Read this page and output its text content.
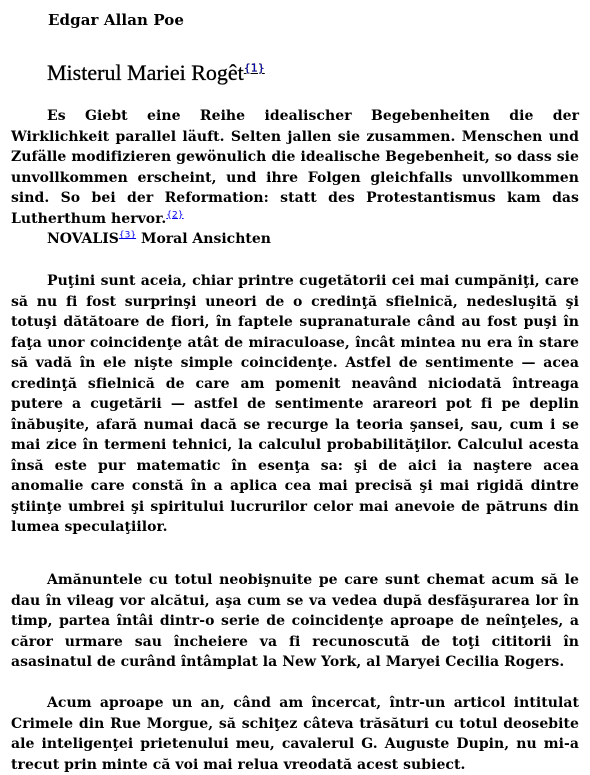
Edgar Allan Poe
Misterul Mariei Rogêt$^{\{1\}}$
Es Giebt eine Reihe idealischer Begebenheiten die der Wirklichkeit parallel läuft. Selten jallen sie zusammen. Menschen und Zufälle modifizieren gewönulich die idealische Begebenheit, so dass sie unvollkommen erscheint, und ihre Folgen gleichfalls unvollkommen sind. So bei der Reformation: statt des Protestantismus kam das Lutherthum hervor.$^{\{2\}}$
NOVALIS$^{\{3\}}$ Moral Ansichten
Puţini sunt aceia, chiar printre cugetătorii cei mai cumpăniţi, care să nu fi fost surprinşi uneori de o credinţă sfielnică, nedesluşită şi totuşi dătătoare de fiori, în faptele supranaturale când au fost puşi în faţa unor coincidenţe atât de miraculoase, încât mintea nu era în stare să vadă în ele nişte simple coincidenţe. Astfel de sentimente — acea credinţă sfielnică de care am pomenit neavând niciodată întreaga putere a cugetării — astfel de sentimente arareori pot fi pe deplin înăbuşite, afară numai dacă se recurge la teoria şansei, sau, cum i se mai zice în termeni tehnici, la calculul probabilităţilor. Calculul acesta însă este pur matematic în esenţa sa: şi de aici ia naştere acea anomalie care constă în a aplica cea mai precisă şi mai rigidă dintre ştiinţe umbrei şi spiritului lucrurilor celor mai anevoie de pătruns din lumea speculaţiilor.
Amănuntele cu totul neobişnuite pe care sunt chemat acum să le dau în vileag vor alcătui, aşa cum se va vedea după desfăşurarea lor în timp, partea întâi dintr-o serie de coincidenţe aproape de neînţeles, a căror urmare sau încheiere va fi recunoscută de toţi cititorii în asasinatul de curând întâmplat la New York, al Maryei Cecilia Rogers.
Acum aproape un an, când am încercat, într-un articol intitulat Crimele din Rue Morgue, să schiţez câteva trăsături cu totul deosebite ale inteligenţei prietenului meu, cavalerul G. Auguste Dupin, nu mi-a trecut prin minte că voi mai relua vreodată acest subiect.
